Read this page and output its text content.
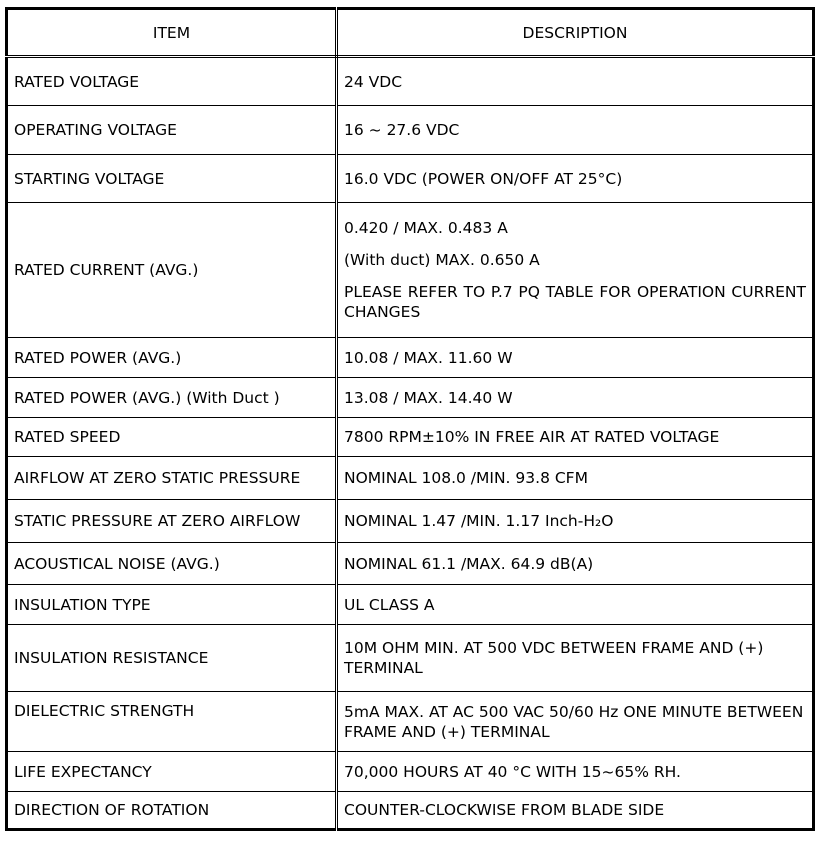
ITEM	DESCRIPTION
RATED VOLTAGE	24 VDC
OPERATING VOLTAGE	16 ~ 27.6 VDC
STARTING VOLTAGE	16.0 VDC (POWER ON/OFF AT 25°C)
RATED CURRENT (AVG.)	0.420 / MAX. 0.483 A
(With duct) MAX. 0.650 A
PLEASE REFER TO P.7 PQ TABLE FOR OPERATION CURRENT CHANGES

RATED POWER (AVG.)	10.08 / MAX. 11.60 W
RATED POWER (AVG.) (With Duct )	13.08 / MAX. 14.40 W
RATED SPEED	7800 RPM±10% IN FREE AIR AT RATED VOLTAGE
AIRFLOW AT ZERO STATIC PRESSURE	NOMINAL 108.0 /MIN. 93.8 CFM
STATIC PRESSURE AT ZERO AIRFLOW	NOMINAL 1.47 /MIN. 1.17 Inch-H₂O
ACOUSTICAL NOISE (AVG.)	NOMINAL 61.1 /MAX. 64.9 dB(A)
INSULATION TYPE	UL CLASS A
INSULATION RESISTANCE	10M OHM MIN. AT 500 VDC BETWEEN FRAME AND (+) TERMINAL
DIELECTRIC STRENGTH	5mA MAX. AT AC 500 VAC 50/60 Hz ONE MINUTE BETWEEN FRAME AND (+) TERMINAL
LIFE EXPECTANCY	70,000 HOURS AT 40 °C WITH 15~65% RH.
DIRECTION OF ROTATION	COUNTER-CLOCKWISE FROM BLADE SIDE
